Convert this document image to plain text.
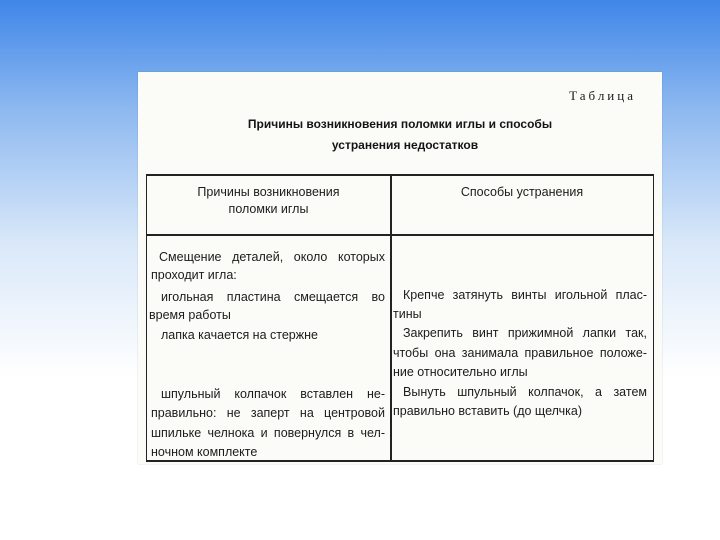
Таблица
Причины возникновения поломки иглы и способы
устранения недостатков
Причины возникновения
поломки иглы
Способы устранения
Смещение деталей, около которых
проходит игла:
игольная пластина смещается во
время работы
лапка качается на стержне
шпульный колпачок вставлен не-
правильно: не заперт на центровой
шпильке челнока и повернулся в чел-
ночном комплекте
Крепче затянуть винты игольной плас-
тины
Закрепить винт прижимной лапки так,
чтобы она занимала правильное положе-
ние относительно иглы
Вынуть шпульный колпачок, а затем
правильно вставить (до щелчка)
